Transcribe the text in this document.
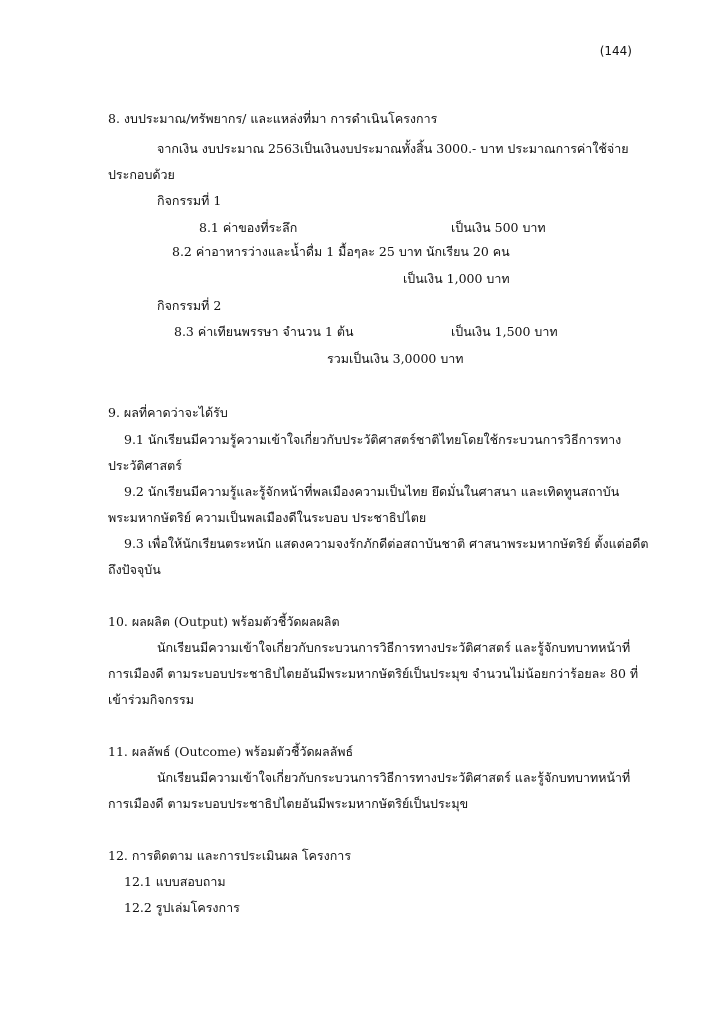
(144)
8. งบประมาณ/ทรัพยากร/ และแหล่งที่มา การดำเนินโครงการ
จากเงิน งบประมาณ 2563เป็นเงินงบประมาณทั้งสิ้น 3000.- บาท ประมาณการค่าใช้จ่าย
ประกอบด้วย
กิจกรรมที่ 1
8.1 ค่าของที่ระลึก	เป็นเงิน 500 บาท
8.2 ค่าอาหารว่างและน้ำดื่ม 1 มื้อๆละ 25 บาท นักเรียน 20 คน
เป็นเงิน 1,000 บาท
กิจกรรมที่ 2
8.3 ค่าเทียนพรรษา จำนวน 1 ต้น	เป็นเงิน 1,500 บาท
รวมเป็นเงิน 3,0000 บาท
9. ผลที่คาดว่าจะได้รับ
9.1 นักเรียนมีความรู้ความเข้าใจเกี่ยวกับประวัติศาสตร์ชาติไทยโดยใช้กระบวนการวิธีการทาง
ประวัติศาสตร์
9.2 นักเรียนมีความรู้และรู้จักหน้าที่พลเมืองความเป็นไทย ยึดมั่นในศาสนา และเทิดทูนสถาบัน
พระมหากษัตริย์ ความเป็นพลเมืองดีในระบอบ ประชาธิปไตย
9.3 เพื่อให้นักเรียนตระหนัก แสดงความจงรักภักดีต่อสถาบันชาติ ศาสนาพระมหากษัตริย์ ตั้งแต่อดีต
ถึงปัจจุบัน
10. ผลผลิต (Output) พร้อมตัวชี้วัดผลผลิต
นักเรียนมีความเข้าใจเกี่ยวกับกระบวนการวิธีการทางประวัติศาสตร์ และรู้จักบทบาทหน้าที่
การเมืองดี ตามระบอบประชาธิปไตยอันมีพระมหากษัตริย์เป็นประมุข จำนวนไม่น้อยกว่าร้อยละ 80 ที่
เข้าร่วมกิจกรรม
11. ผลลัพธ์ (Outcome) พร้อมตัวชี้วัดผลลัพธ์
นักเรียนมีความเข้าใจเกี่ยวกับกระบวนการวิธีการทางประวัติศาสตร์ และรู้จักบทบาทหน้าที่
การเมืองดี ตามระบอบประชาธิปไตยอันมีพระมหากษัตริย์เป็นประมุข
12. การติดตาม และการประเมินผล โครงการ
12.1 แบบสอบถาม
12.2 รูปเล่มโครงการ
